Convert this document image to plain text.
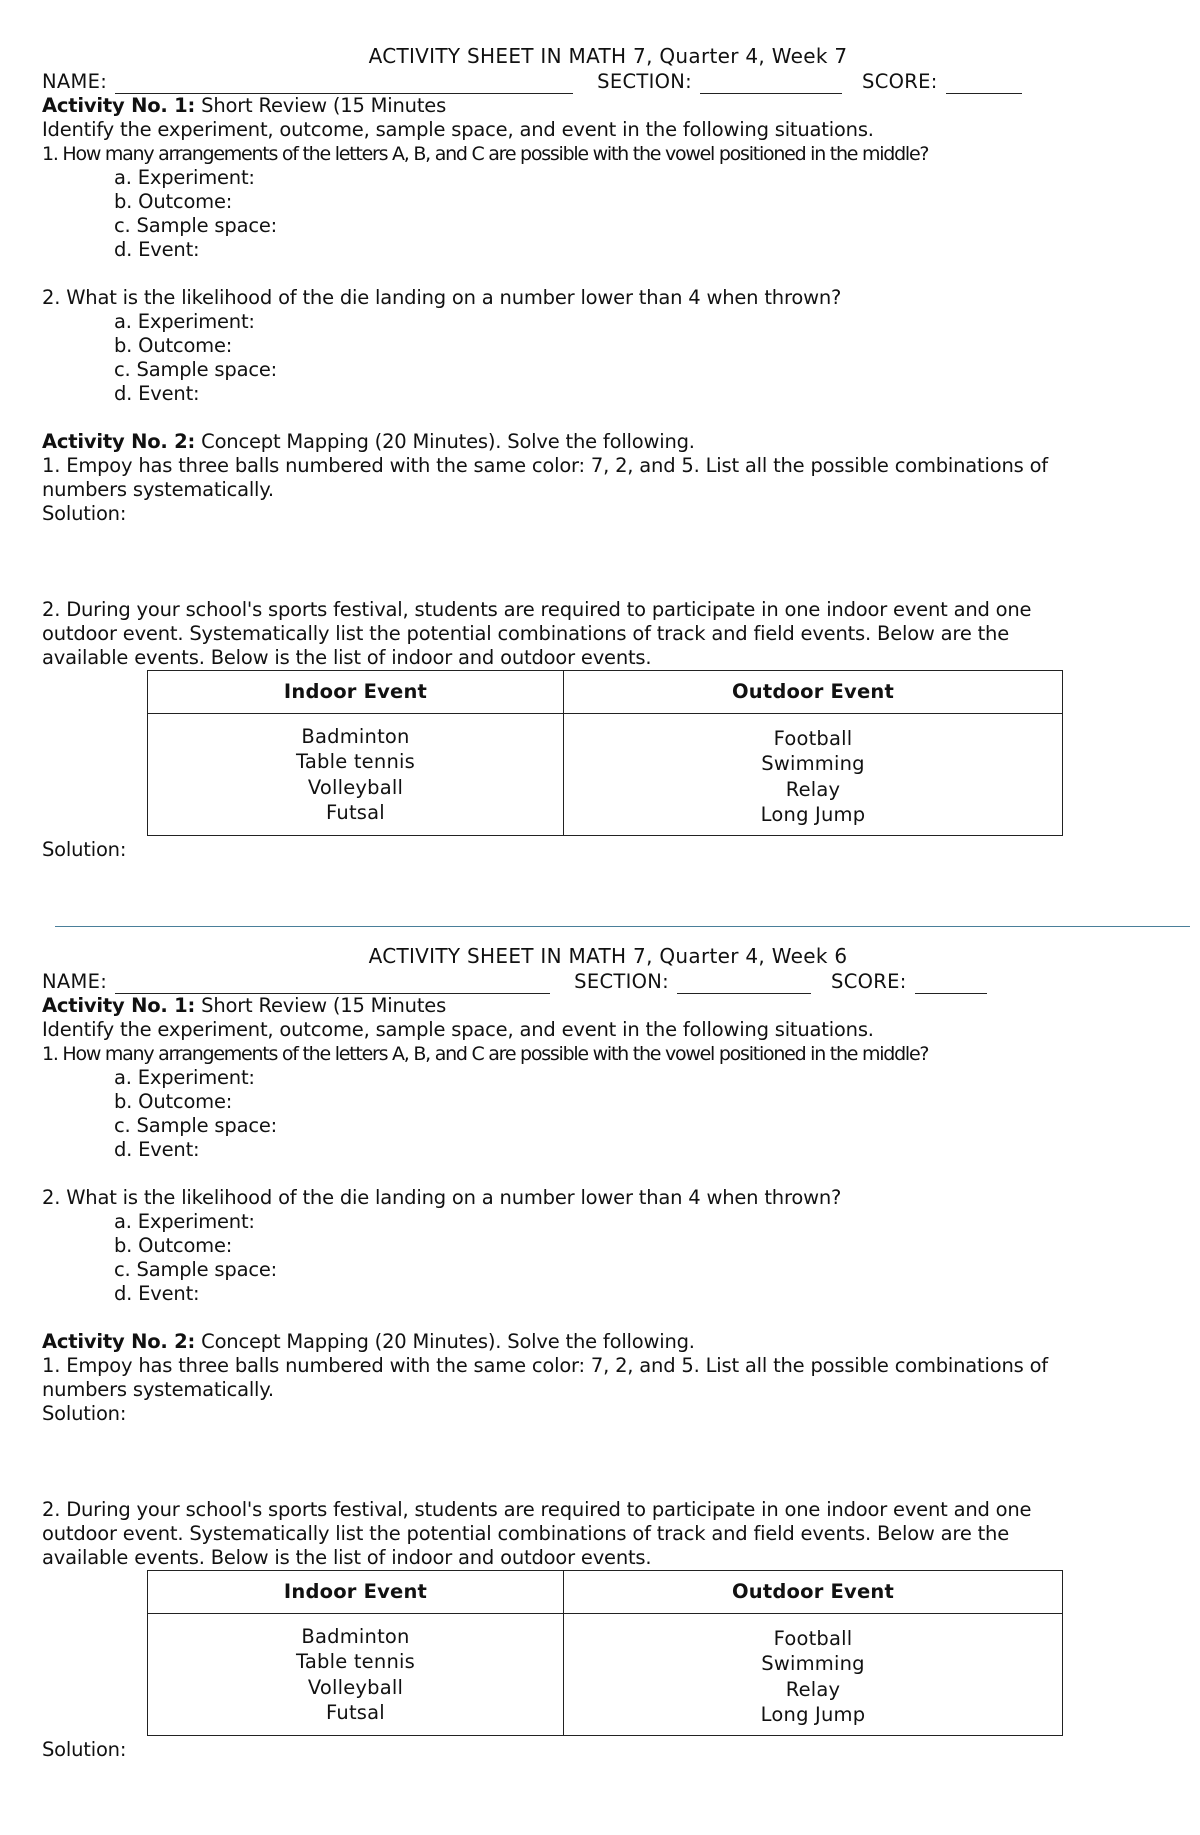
ACTIVITY SHEET IN MATH 7, Quarter 4, Week 7
NAME:	SECTION:	SCORE:
Activity No. 1: Short Review (15 Minutes
Identify the experiment, outcome, sample space, and event in the following situations.
1. How many arrangements of the letters A, B, and C are possible with the vowel positioned in the middle?
a. Experiment:
b. Outcome:
c. Sample space:
d. Event:
2. What is the likelihood of the die landing on a number lower than 4 when thrown?
a. Experiment:
b. Outcome:
c. Sample space:
d. Event:
Activity No. 2: Concept Mapping (20 Minutes). Solve the following.
1. Empoy has three balls numbered with the same color: 7, 2, and 5. List all the possible combinations of
numbers systematically.
Solution:
2. During your school's sports festival, students are required to participate in one indoor event and one
outdoor event. Systematically list the potential combinations of track and field events. Below are the
available events. Below is the list of indoor and outdoor events.
Indoor Event	Outdoor Event

Badminton
Table tennis
Volleyball
Futsal	Football
Swimming
Relay
Long Jump
Solution:
ACTIVITY SHEET IN MATH 7, Quarter 4, Week 6
NAME:	SECTION:	SCORE:
Activity No. 1: Short Review (15 Minutes
Identify the experiment, outcome, sample space, and event in the following situations.
1. How many arrangements of the letters A, B, and C are possible with the vowel positioned in the middle?
a. Experiment:
b. Outcome:
c. Sample space:
d. Event:
2. What is the likelihood of the die landing on a number lower than 4 when thrown?
a. Experiment:
b. Outcome:
c. Sample space:
d. Event:
Activity No. 2: Concept Mapping (20 Minutes). Solve the following.
1. Empoy has three balls numbered with the same color: 7, 2, and 5. List all the possible combinations of
numbers systematically.
Solution:
2. During your school's sports festival, students are required to participate in one indoor event and one
outdoor event. Systematically list the potential combinations of track and field events. Below are the
available events. Below is the list of indoor and outdoor events.
Indoor Event	Outdoor Event

Badminton
Table tennis
Volleyball
Futsal	Football
Swimming
Relay
Long Jump
Solution:
